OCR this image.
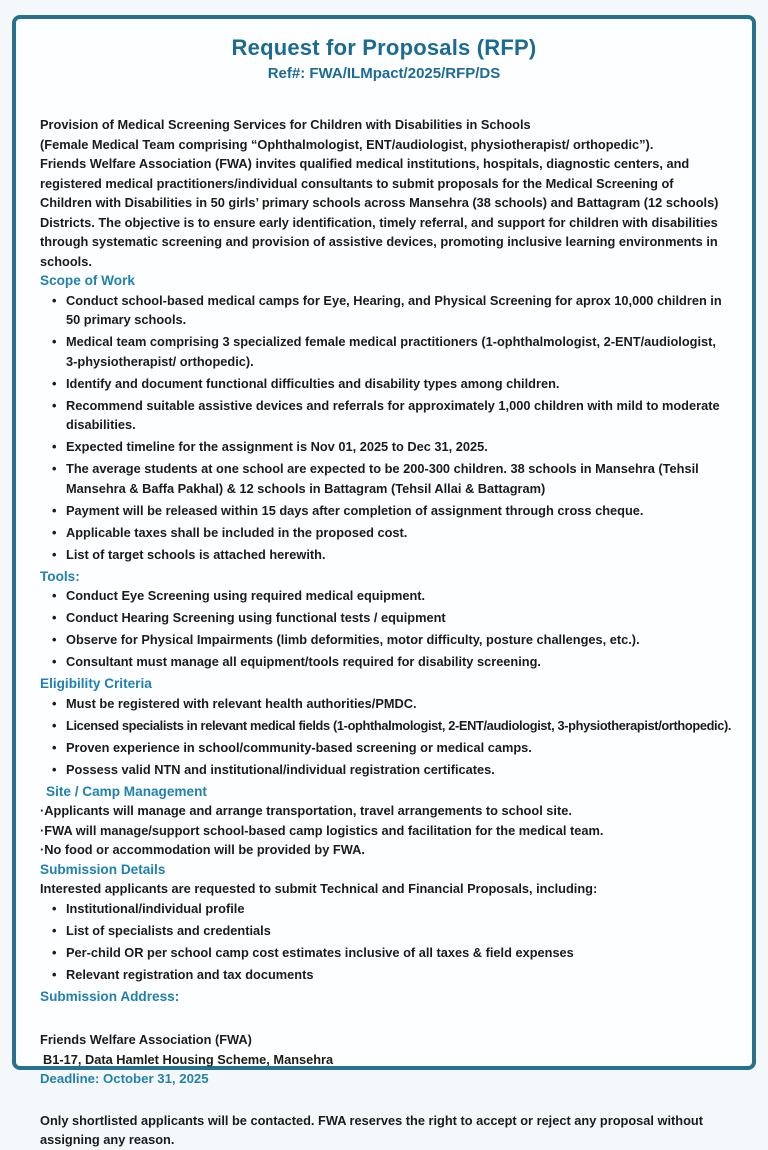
Request for Proposals (RFP)
Ref#: FWA/ILMpact/2025/RFP/DS

Provision of Medical Screening Services for Children with Disabilities in Schools

(Female Medical Team comprising “Ophthalmologist, ENT/audiologist, physiotherapist/ orthopedic”).

Friends Welfare Association (FWA) invites qualified medical institutions, hospitals, diagnostic centers, and registered medical practitioners/individual consultants to submit proposals for the Medical Screening of Children with Disabilities in 50 girls’ primary schools across Mansehra (38 schools) and Battagram (12 schools) Districts. The objective is to ensure early identification, timely referral, and support for children with disabilities through systematic screening and provision of assistive devices, promoting inclusive learning environments in schools.

Scope of Work
• Conduct school-based medical camps for Eye, Hearing, and Physical Screening for aprox 10,000 children in 50 primary schools.
• Medical team comprising 3 specialized female medical practitioners (1-ophthalmologist, 2-ENT/audiologist, 3-physiotherapist/ orthopedic).
• Identify and document functional difficulties and disability types among children.
• Recommend suitable assistive devices and referrals for approximately 1,000 children with mild to moderate disabilities.
• Expected timeline for the assignment is Nov 01, 2025 to Dec 31, 2025.
• The average students at one school are expected to be 200-300 children. 38 schools in Mansehra (Tehsil Mansehra & Baffa Pakhal) & 12 schools in Battagram (Tehsil Allai & Battagram)
• Payment will be released within 15 days after completion of assignment through cross cheque.
• Applicable taxes shall be included in the proposed cost.
• List of target schools is attached herewith.
Tools:
• Conduct Eye Screening using required medical equipment.
• Conduct Hearing Screening using functional tests / equipment
• Observe for Physical Impairments (limb deformities, motor difficulty, posture challenges, etc.).
• Consultant must manage all equipment/tools required for disability screening.
Eligibility Criteria
• Must be registered with relevant health authorities/PMDC.
• Licensed specialists in relevant medical fields (1-ophthalmologist, 2-ENT/audiologist, 3-physiotherapist/orthopedic).
• Proven experience in school/community-based screening or medical camps.
• Possess valid NTN and institutional/individual registration certificates.
Site / Camp Management

·Applicants will manage and arrange transportation, travel arrangements to school site.

·FWA will manage/support school-based camp logistics and facilitation for the medical team.

·No food or accommodation will be provided by FWA.

Submission Details

Interested applicants are requested to submit Technical and Financial Proposals, including:

• Institutional/individual profile
• List of specialists and credentials
• Per-child OR per school camp cost estimates inclusive of all taxes & field expenses
• Relevant registration and tax documents
Submission Address:

Friends Welfare Association (FWA)

B1-17, Data Hamlet Housing Scheme, Mansehra

Deadline: October 31, 2025

Only shortlisted applicants will be contacted. FWA reserves the right to accept or reject any proposal without assigning any reason.
